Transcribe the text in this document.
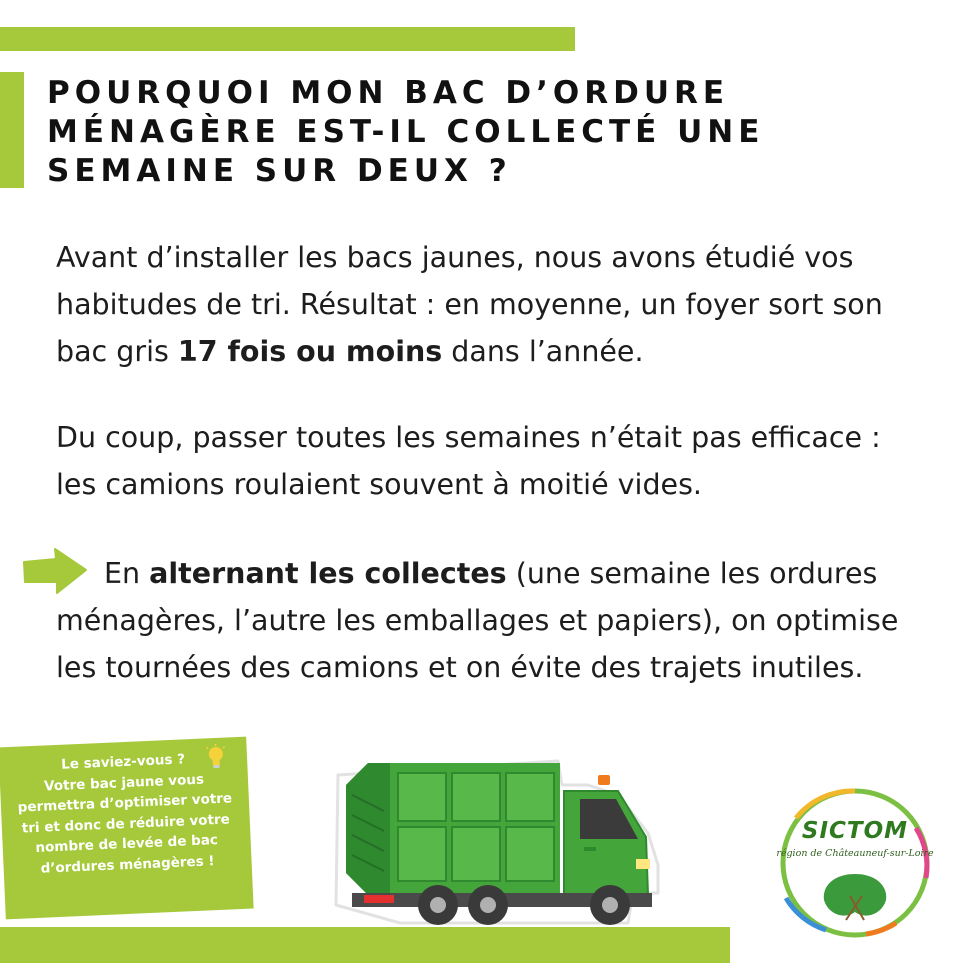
POURQUOI MON BAC D’ORDURE MÉNAGÈRE EST-IL COLLECTÉ UNE SEMAINE SUR DEUX ?

Avant d’installer les bacs jaunes, nous avons étudié vos habitudes de tri. Résultat : en moyenne, un foyer sort son bac gris 17 fois ou moins dans l’année.

Du coup, passer toutes les semaines n’était pas efficace : les camions roulaient souvent à moitié vides.

En alternant les collectes (une semaine les ordures ménagères, l’autre les emballages et papiers), on optimise les tournées des camions et on évite des trajets inutiles.

Le saviez-vous ?
Votre bac jaune vous permettra d’optimiser votre tri et donc de réduire votre nombre de levée de bac d’ordures ménagères !

SICTOM
région de Châteauneuf-sur-Loire
